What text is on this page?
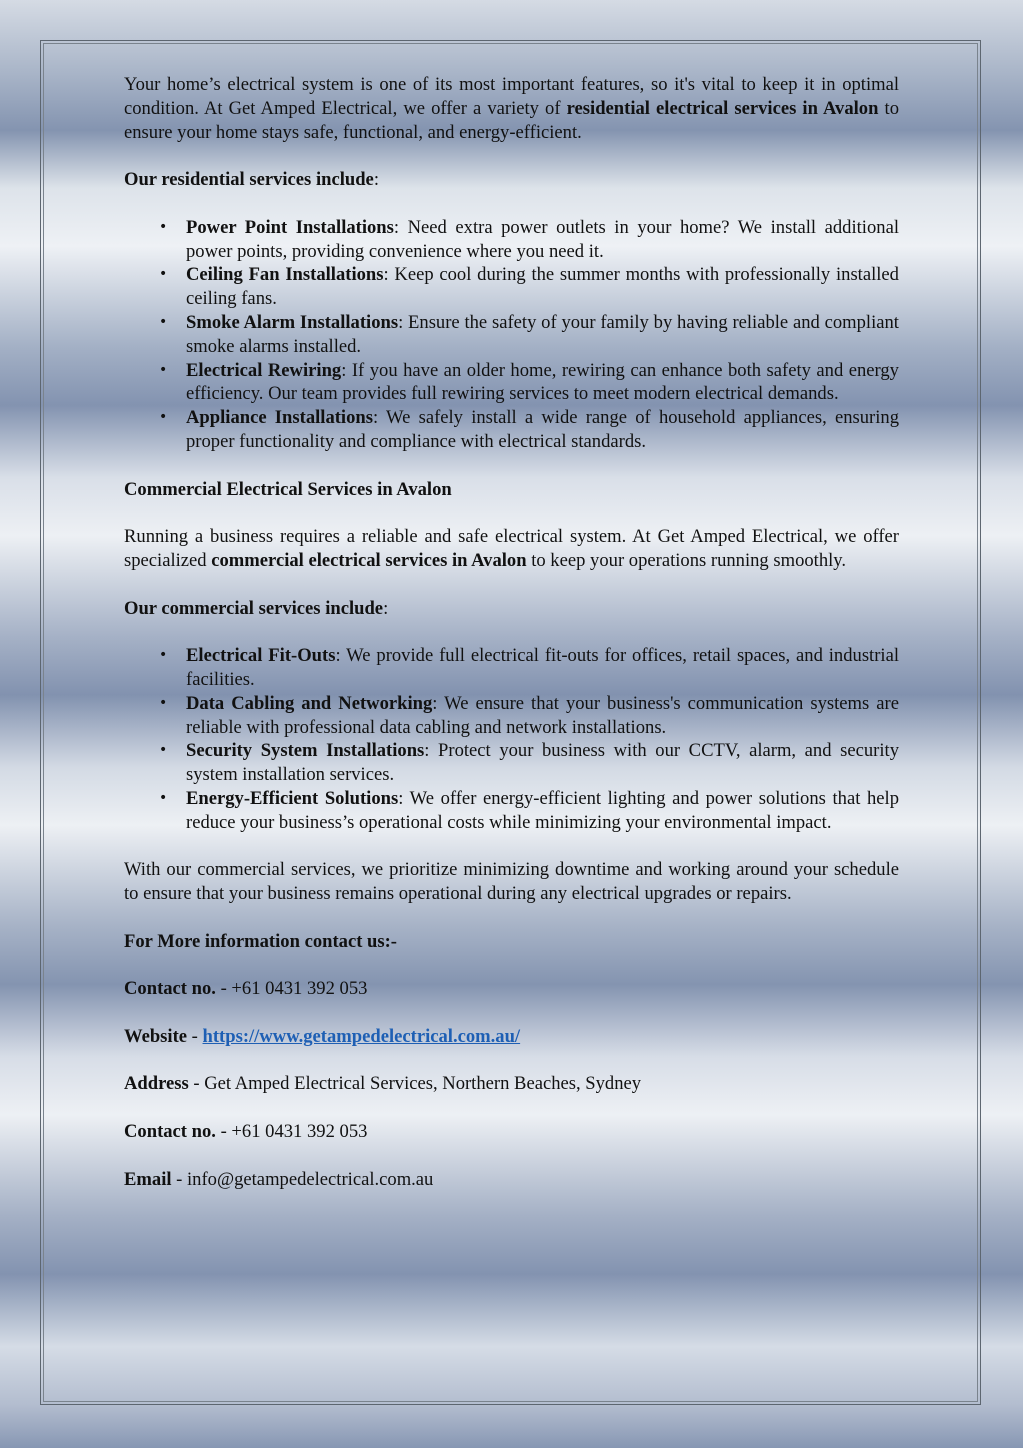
Your home’s electrical system is one of its most important features, so it's vital to keep it in optimal condition. At Get Amped Electrical, we offer a variety of residential electrical services in Avalon to ensure your home stays safe, functional, and energy-efficient.

Our residential services include:

• Power Point Installations: Need extra power outlets in your home? We install additional power points, providing convenience where you need it.
• Ceiling Fan Installations: Keep cool during the summer months with professionally installed ceiling fans.
• Smoke Alarm Installations: Ensure the safety of your family by having reliable and compliant smoke alarms installed.
• Electrical Rewiring: If you have an older home, rewiring can enhance both safety and energy efficiency. Our team provides full rewiring services to meet modern electrical demands.
• Appliance Installations: We safely install a wide range of household appliances, ensuring proper functionality and compliance with electrical standards.

Commercial Electrical Services in Avalon

Running a business requires a reliable and safe electrical system. At Get Amped Electrical, we offer specialized commercial electrical services in Avalon to keep your operations running smoothly.

Our commercial services include:

• Electrical Fit-Outs: We provide full electrical fit-outs for offices, retail spaces, and industrial facilities.
• Data Cabling and Networking: We ensure that your business's communication systems are reliable with professional data cabling and network installations.
• Security System Installations: Protect your business with our CCTV, alarm, and security system installation services.
• Energy-Efficient Solutions: We offer energy-efficient lighting and power solutions that help reduce your business’s operational costs while minimizing your environmental impact.

With our commercial services, we prioritize minimizing downtime and working around your schedule to ensure that your business remains operational during any electrical upgrades or repairs.

For More information contact us:-

Contact no. - +61 0431 392 053

Website - https://www.getampedelectrical.com.au/

Address - Get Amped Electrical Services, Northern Beaches, Sydney

Contact no. - +61 0431 392 053

Email - info@getampedelectrical.com.au
